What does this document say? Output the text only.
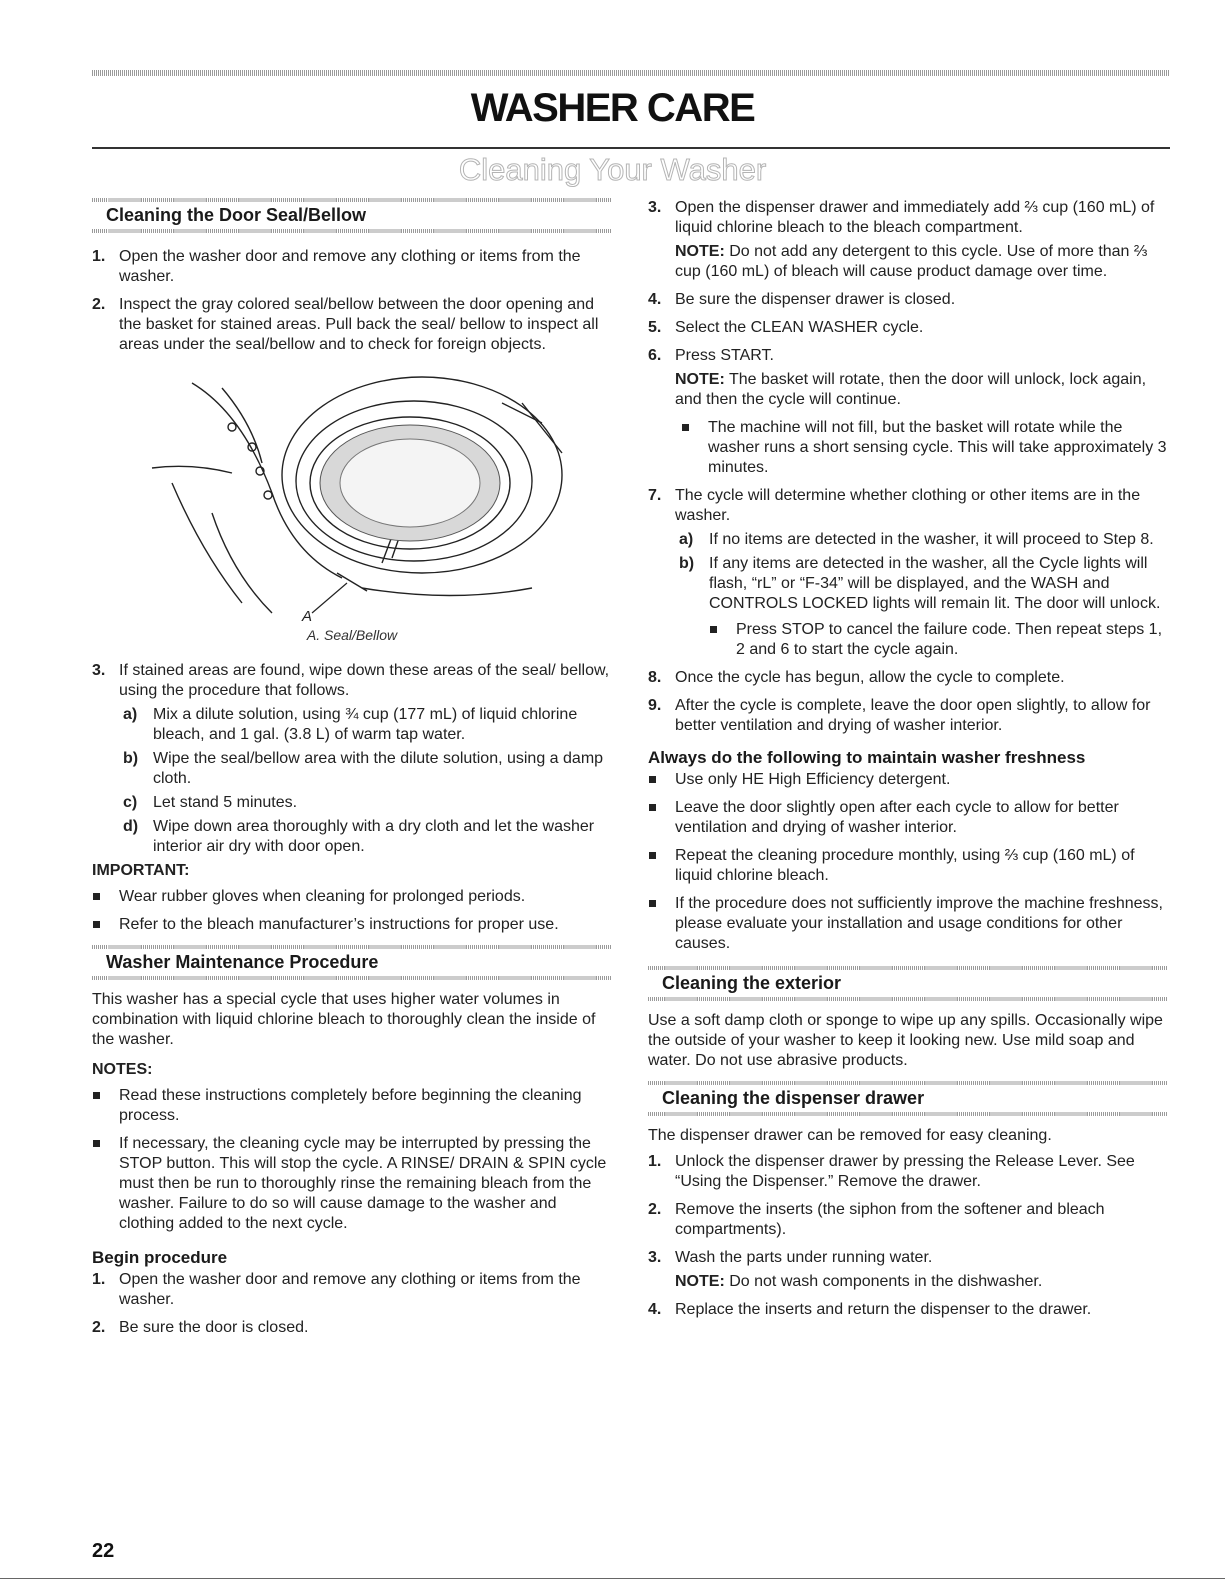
WASHER CARE
Cleaning Your Washer
Cleaning the Door Seal/Bellow
1. Open the washer door and remove any clothing or items from the washer.
2. Inspect the gray colored seal/bellow between the door opening and the basket for stained areas. Pull back the seal/ bellow to inspect all areas under the seal/bellow and to check for foreign objects.
A
A. Seal/Bellow
3. If stained areas are found, wipe down these areas of the seal/ bellow, using the procedure that follows.
a) Mix a dilute solution, using ¾ cup (177 mL) of liquid chlorine bleach, and 1 gal. (3.8 L) of warm tap water.
b) Wipe the seal/bellow area with the dilute solution, using a damp cloth.
c) Let stand 5 minutes.
d) Wipe down area thoroughly with a dry cloth and let the washer interior air dry with door open.
IMPORTANT:
Wear rubber gloves when cleaning for prolonged periods.
Refer to the bleach manufacturer’s instructions for proper use.
Washer Maintenance Procedure

This washer has a special cycle that uses higher water volumes in combination with liquid chlorine bleach to thoroughly clean the inside of the washer.

NOTES:
Read these instructions completely before beginning the cleaning process.
If necessary, the cleaning cycle may be interrupted by pressing the STOP button. This will stop the cycle. A RINSE/ DRAIN & SPIN cycle must then be run to thoroughly rinse the remaining bleach from the washer. Failure to do so will cause damage to the washer and clothing added to the next cycle.
Begin procedure
1. Open the washer door and remove any clothing or items from the washer.
2. Be sure the door is closed.
3. Open the dispenser drawer and immediately add ⅔ cup (160 mL) of liquid chlorine bleach to the bleach compartment.
NOTE: Do not add any detergent to this cycle. Use of more than ⅔ cup (160 mL) of bleach will cause product damage over time.
4. Be sure the dispenser drawer is closed.
5. Select the CLEAN WASHER cycle.
6. Press START.
NOTE: The basket will rotate, then the door will unlock, lock again, and then the cycle will continue.
The machine will not fill, but the basket will rotate while the washer runs a short sensing cycle. This will take approximately 3 minutes.
7. The cycle will determine whether clothing or other items are in the washer.
a) If no items are detected in the washer, it will proceed to Step 8.
b) If any items are detected in the washer, all the Cycle lights will flash, “rL” or “F-34” will be displayed, and the WASH and CONTROLS LOCKED lights will remain lit. The door will unlock.
Press STOP to cancel the failure code. Then repeat steps 1, 2 and 6 to start the cycle again.
8. Once the cycle has begun, allow the cycle to complete.
9. After the cycle is complete, leave the door open slightly, to allow for better ventilation and drying of washer interior.
Always do the following to maintain washer freshness
Use only HE High Efficiency detergent.
Leave the door slightly open after each cycle to allow for better ventilation and drying of washer interior.
Repeat the cleaning procedure monthly, using ⅔ cup (160 mL) of liquid chlorine bleach.
If the procedure does not sufficiently improve the machine freshness, please evaluate your installation and usage conditions for other causes.
Cleaning the exterior

Use a soft damp cloth or sponge to wipe up any spills. Occasionally wipe the outside of your washer to keep it looking new. Use mild soap and water. Do not use abrasive products.

Cleaning the dispenser drawer

The dispenser drawer can be removed for easy cleaning.

1. Unlock the dispenser drawer by pressing the Release Lever. See “Using the Dispenser.” Remove the drawer.
2. Remove the inserts (the siphon from the softener and bleach compartments).
3. Wash the parts under running water.
NOTE: Do not wash components in the dishwasher.
4. Replace the inserts and return the dispenser to the drawer.
22
